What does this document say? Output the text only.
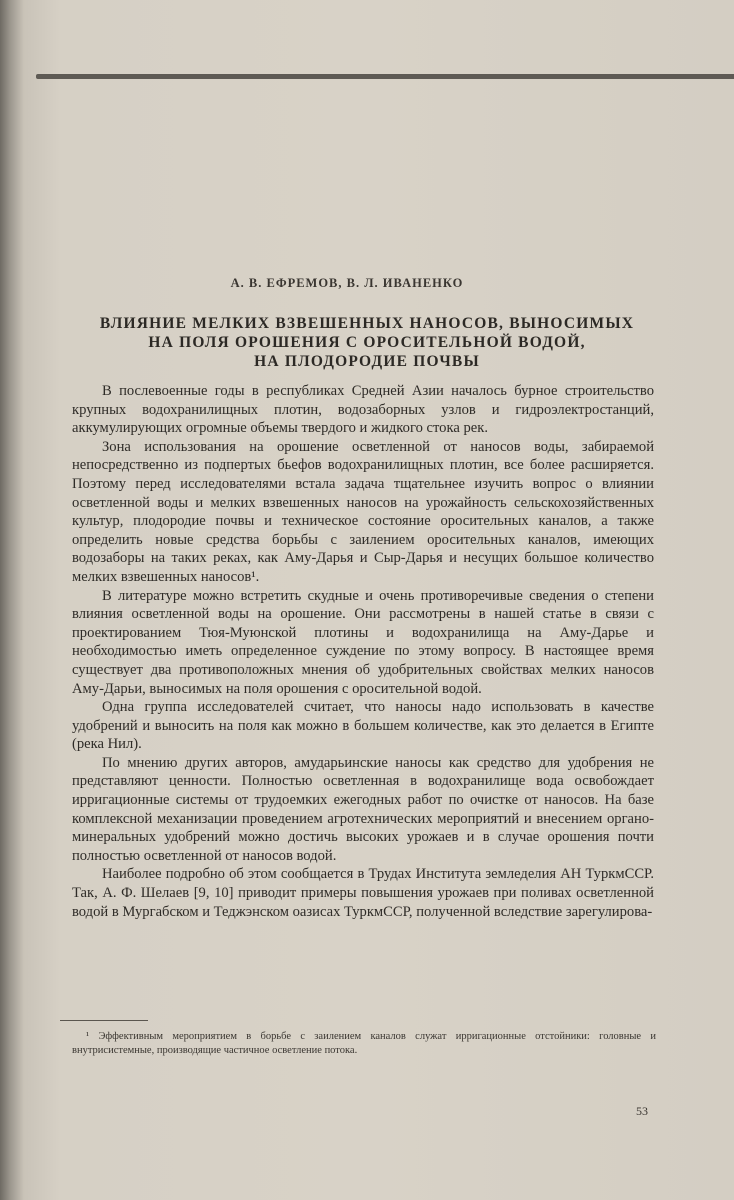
А. В. ЕФРЕМОВ, В. Л. ИВАНЕНКО
ВЛИЯНИЕ МЕЛКИХ ВЗВЕШЕННЫХ НАНОСОВ, ВЫНОСИМЫХ
НА ПОЛЯ ОРОШЕНИЯ С ОРОСИТЕЛЬНОЙ ВОДОЙ,
НА ПЛОДОРОДИЕ ПОЧВЫ

В послевоенные годы в республиках Средней Азии началось бурное строительство крупных водохранилищных плотин, водозаборных узлов и гидроэлектростанций, аккумулирующих огромные объемы твердого и жидкого стока рек.

Зона использования на орошение осветленной от наносов воды, забираемой непосредственно из подпертых бьефов водохранилищных плотин, все более расширяется. Поэтому перед исследователями встала задача тщательнее изучить вопрос о влиянии осветленной воды и мелких взвешенных наносов на урожайность сельскохозяйственных культур, плодородие почвы и техническое состояние оросительных каналов, а также определить новые средства борьбы с заилением оросительных каналов, имеющих водозаборы на таких реках, как Аму-Дарья и Сыр-Дарья и несущих большое количество мелких взвешенных наносов¹.

В литературе можно встретить скудные и очень противоречивые сведения о степени влияния осветленной воды на орошение. Они рассмотрены в нашей статье в связи с проектированием Тюя-Муюнской плотины и водохранилища на Аму-Дарье и необходимостью иметь определенное суждение по этому вопросу. В настоящее время существует два противоположных мнения об удобрительных свойствах мелких наносов Аму-Дарьи, выносимых на поля орошения с оросительной водой.

Одна группа исследователей считает, что наносы надо использовать в качестве удобрений и выносить на поля как можно в большем количестве, как это делается в Египте (река Нил).

По мнению других авторов, амударьинские наносы как средство для удобрения не представляют ценности. Полностью осветленная в водохранилище вода освобождает ирригационные системы от трудоемких ежегодных работ по очистке от наносов. На базе комплексной механизации проведением агротехнических мероприятий и внесением органо-минеральных удобрений можно достичь высоких урожаев и в случае орошения почти полностью осветленной от наносов водой.

Наиболее подробно об этом сообщается в Трудах Института земледелия АН ТуркмССР. Так, А. Ф. Шелаев [9, 10] приводит примеры повышения урожаев при поливах осветленной водой в Мургабском и Теджэнском оазисах ТуркмССР, полученной вследствие зарегулирова-

¹ Эффективным мероприятием в борьбе с заилением каналов служат ирригационные отстойники: головные и внутрисистемные, производящие частичное осветление потока.

53
